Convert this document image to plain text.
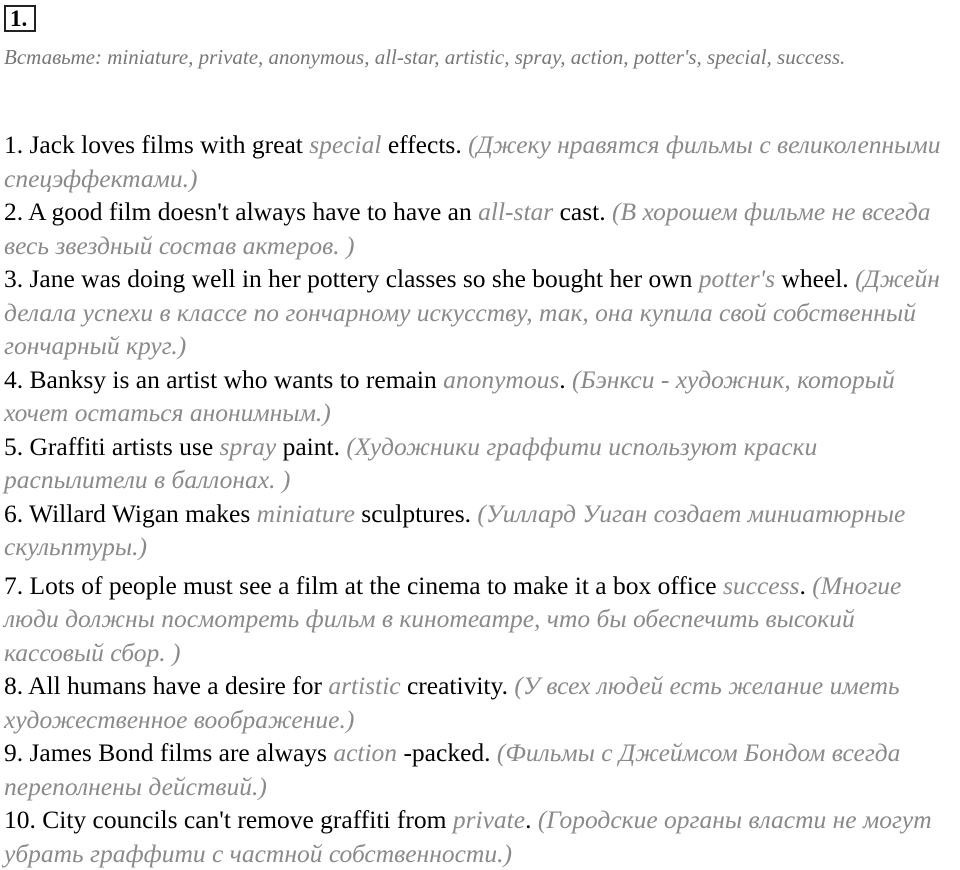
1.
Вставьте: miniature, private, anonymous, all-star, artistic, spray, action, potter's, special, success.

1. Jack loves films with great special effects. (Джеку нравятся фильмы с великолепными спецэффектами.)

2. A good film doesn't always have to have an all-star cast. (В хорошем фильме не всегда весь звездный состав актеров. )

3. Jane was doing well in her pottery classes so she bought her own potter's wheel. (Джейн делала успехи в классе по гончарному искусству, так, она купила свой собственный гончарный круг.)

4. Banksy is an artist who wants to remain anonymous. (Бэнкси - художник, который хочет остаться анонимным.)

5. Graffiti artists use spray paint. (Художники граффити используют краски распылители в баллонах. )

6. Willard Wigan makes miniature sculptures. (Уиллард Уиган создает миниатюрные скульптуры.)

7. Lots of people must see a film at the cinema to make it a box office success. (Многие люди должны посмотреть фильм в кинотеатре, что бы обеспечить высокий кассовый сбор. )

8. All humans have a desire for artistic creativity. (У всех людей есть желание иметь художественное воображение.)

9. James Bond films are always action -packed. (Фильмы с Джеймсом Бондом всегда переполнены действий.)

10. City councils can't remove graffiti from private. (Городские органы власти не могут убрать граффити с частной собственности.)
